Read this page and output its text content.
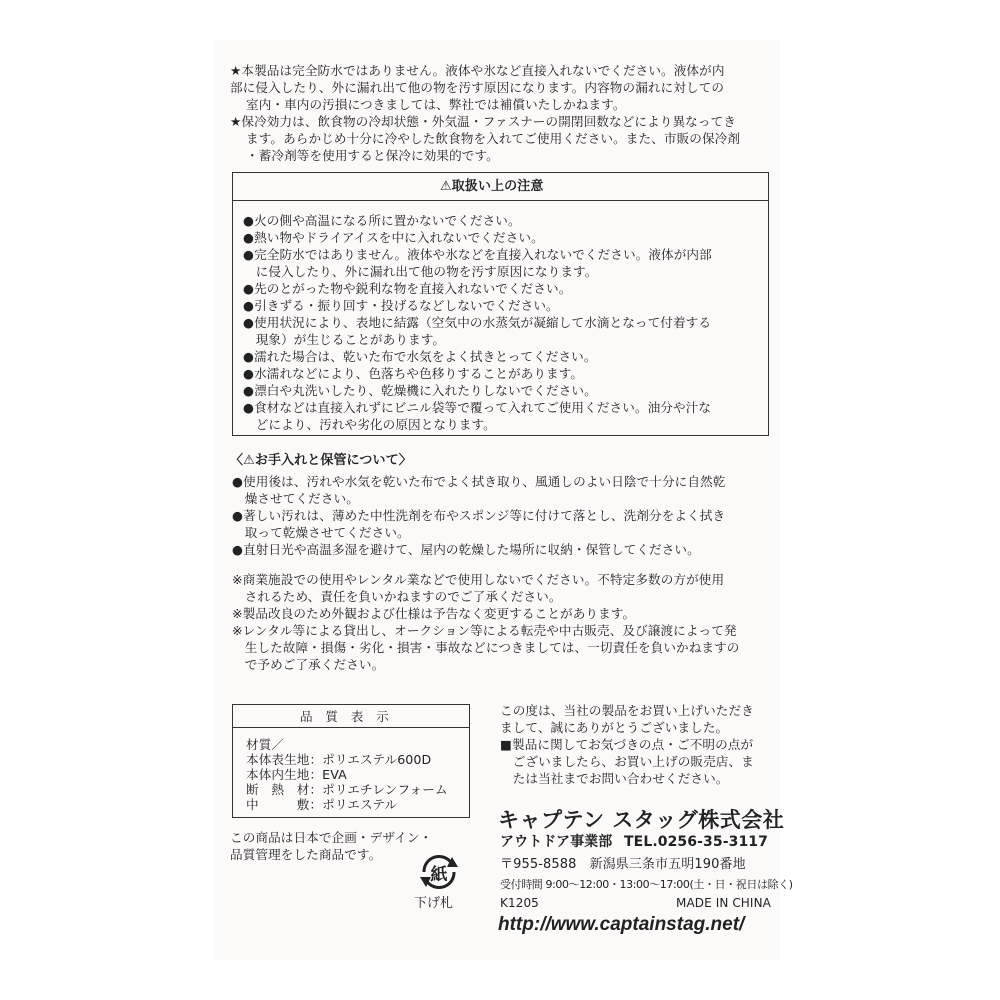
★本製品は完全防水ではありません。液体や氷など直接入れないでください。液体が内
部に侵入したり、外に漏れ出て他の物を汚す原因になります。内容物の漏れに対しての
室内・車内の汚損につきましては、弊社では補償いたしかねます。
★保冷効力は、飲食物の冷却状態・外気温・ファスナーの開閉回数などにより異なってき
ます。あらかじめ十分に冷やした飲食物を入れてご使用ください。また、市販の保冷剤
・蓄冷剤等を使用すると保冷に効果的です。
⚠取扱い上の注意
●火の側や高温になる所に置かないでください。
●熱い物やドライアイスを中に入れないでください。
●完全防水ではありません。液体や氷などを直接入れないでください。液体が内部
　に侵入したり、外に漏れ出て他の物を汚す原因になります。
●先のとがった物や鋭利な物を直接入れないでください。
●引きずる・振り回す・投げるなどしないでください。
●使用状況により、表地に結露（空気中の水蒸気が凝縮して水滴となって付着する
　現象）が生じることがあります。
●濡れた場合は、乾いた布で水気をよく拭きとってください。
●水濡れなどにより、色落ちや色移りすることがあります。
●漂白や丸洗いしたり、乾燥機に入れたりしないでください。
●食材などは直接入れずにビニル袋等で覆って入れてご使用ください。油分や汁な
　どにより、汚れや劣化の原因となります。
〈⚠お手入れと保管について〉
●使用後は、汚れや水気を乾いた布でよく拭き取り、風通しのよい日陰で十分に自然乾
　燥させてください。
●著しい汚れは、薄めた中性洗剤を布やスポンジ等に付けて落とし、洗剤分をよく拭き
　取って乾燥させてください。
●直射日光や高温多湿を避けて、屋内の乾燥した場所に収納・保管してください。
※商業施設での使用やレンタル業などで使用しないでください。不特定多数の方が使用
　されるため、責任を負いかねますのでご了承ください。
※製品改良のため外観および仕様は予告なく変更することがあります。
※レンタル等による貸出し、オークション等による転売や中古販売、及び譲渡によって発
　生した故障・損傷・劣化・損害・事故などにつきましては、一切責任を負いかねますの
　で予めご了承ください。
品　質　表　示
材質／
本体表生地：ポリエステル600D
本体内生地：EVA
断　熱　材：ポリエチレンフォーム
中　　　敷：ポリエステル
この商品は日本で企画・デザイン・
品質管理をした商品です。
紙
下げ札
この度は、当社の製品をお買い上げいただき
まして、誠にありがとうございました。
■製品に関してお気づきの点・ご不明の点が
　ございましたら、お買い上げの販売店、ま
　たは当社までお問い合わせください。
キャプテン スタッグ株式会社
アウトドア事業部 TEL.0256-35-3117
〒955-8588　新潟県三条市五明190番地
受付時間 9:00〜12:00・13:00〜17:00(土・日・祝日は除く)
K1205	MADE IN CHINA
http://www.captainstag.net/
